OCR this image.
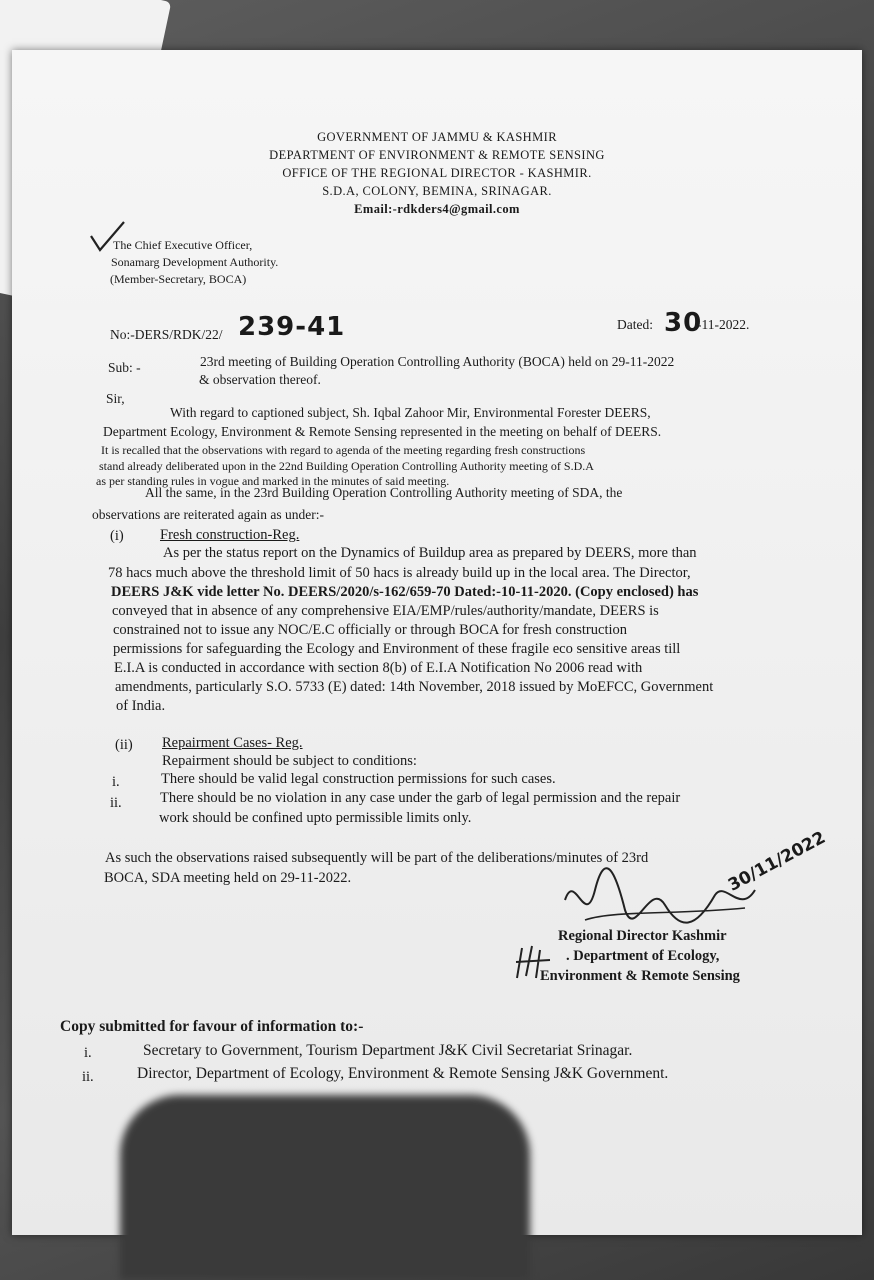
GOVERNMENT OF JAMMU & KASHMIR
DEPARTMENT OF ENVIRONMENT & REMOTE SENSING
OFFICE OF THE REGIONAL DIRECTOR - KASHMIR.
S.D.A, COLONY, BEMINA, SRINAGAR.
Email:-rdkders4@gmail.com
The Chief Executive Officer,
Sonamarg Development Authority.
(Member-Secretary, BOCA)
No:-DERS/RDK/22/ 239-41	Dated: 30
-11-2022.
Sub: -	23rd meeting of Building Operation Controlling Authority (BOCA) held on 29-11-2022
& observation thereof.
Sir,
With regard to captioned subject, Sh. Iqbal Zahoor Mir, Environmental Forester DEERS,
Department Ecology, Environment & Remote Sensing represented in the meeting on behalf of DEERS.
It is recalled that the observations with regard to agenda of the meeting regarding fresh constructions
stand already deliberated upon in the 22nd Building Operation Controlling Authority meeting of S.D.A
as per standing rules in vogue and marked in the minutes of said meeting.
All the same, in the 23rd Building Operation Controlling Authority meeting of SDA, the
observations are reiterated again as under:-
(i)	Fresh construction-Reg.
As per the status report on the Dynamics of Buildup area as prepared by DEERS, more than
78 hacs much above the threshold limit of 50 hacs is already build up in the local area. The Director,
DEERS J&K vide letter No. DEERS/2020/s-162/659-70 Dated:-10-11-2020. (Copy enclosed) has
conveyed that in absence of any comprehensive EIA/EMP/rules/authority/mandate, DEERS is
constrained not to issue any NOC/E.C officially or through BOCA for fresh construction
permissions for safeguarding the Ecology and Environment of these fragile eco sensitive areas till
E.I.A is conducted in accordance with section 8(b) of E.I.A Notification No 2006 read with
amendments, particularly S.O. 5733 (E) dated: 14th November, 2018 issued by MoEFCC, Government
of India.
(ii) Repairment Cases- Reg.
Repairment should be subject to conditions:
i.	There should be valid legal construction permissions for such cases.
ii.	There should be no violation in any case under the garb of legal permission and the repair
work should be confined upto permissible limits only.
As such the observations raised subsequently will be part of the deliberations/minutes of 23rd
BOCA, SDA meeting held on 29-11-2022.	30/11/2022
Regional Director Kashmir
. Department of Ecology,
Environment & Remote Sensing
Copy submitted for favour of information to:-
i.	Secretary to Government, Tourism Department J&K Civil Secretariat Srinagar.
ii.	Director, Department of Ecology, Environment & Remote Sensing J&K Government.
